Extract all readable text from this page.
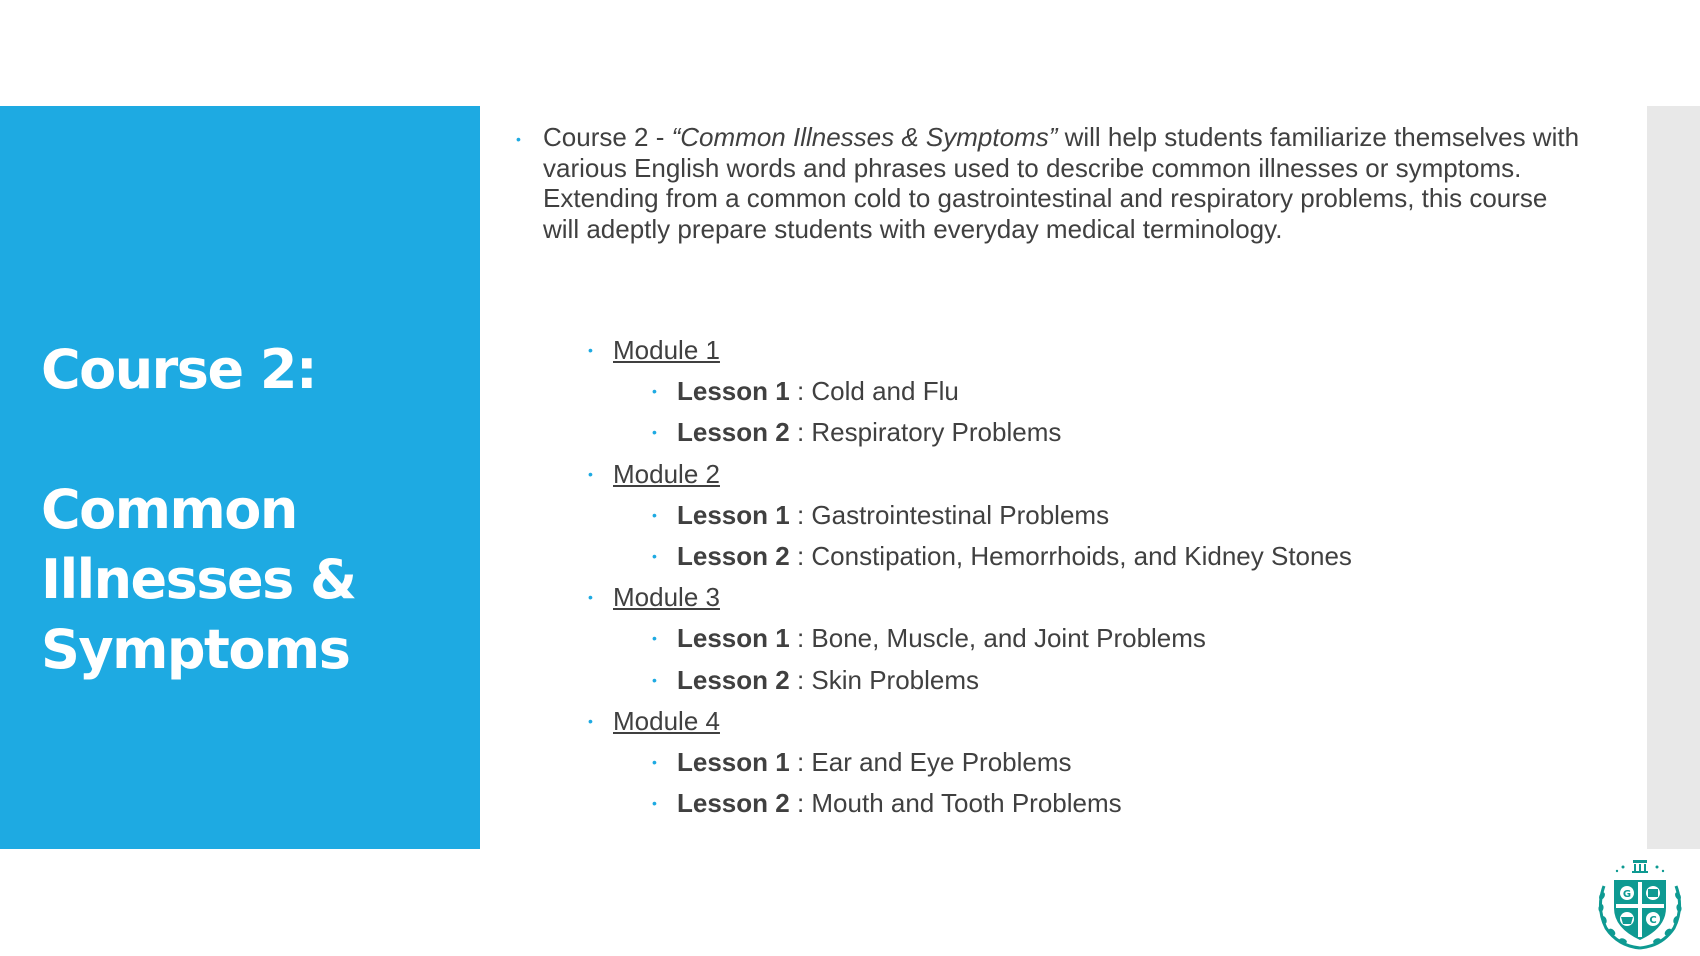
Course 2:
Common
Illnesses &
Symptoms

• Course 2 - “Common Illnesses & Symptoms” will help students familiarize themselves with various English words and phrases used to describe common illnesses or symptoms. Extending from a common cold to gastrointestinal and respiratory problems, this course will adeptly prepare students with everyday medical terminology.

• Module 1
• Lesson 1 : Cold and Flu
• Lesson 2 : Respiratory Problems
• Module 2
• Lesson 1 : Gastrointestinal Problems
• Lesson 2 : Constipation, Hemorrhoids, and Kidney Stones
• Module 3
• Lesson 1 : Bone, Muscle, and Joint Problems
• Lesson 2 : Skin Problems
• Module 4
• Lesson 1 : Ear and Eye Problems
• Lesson 2 : Mouth and Tooth Problems
G
C
